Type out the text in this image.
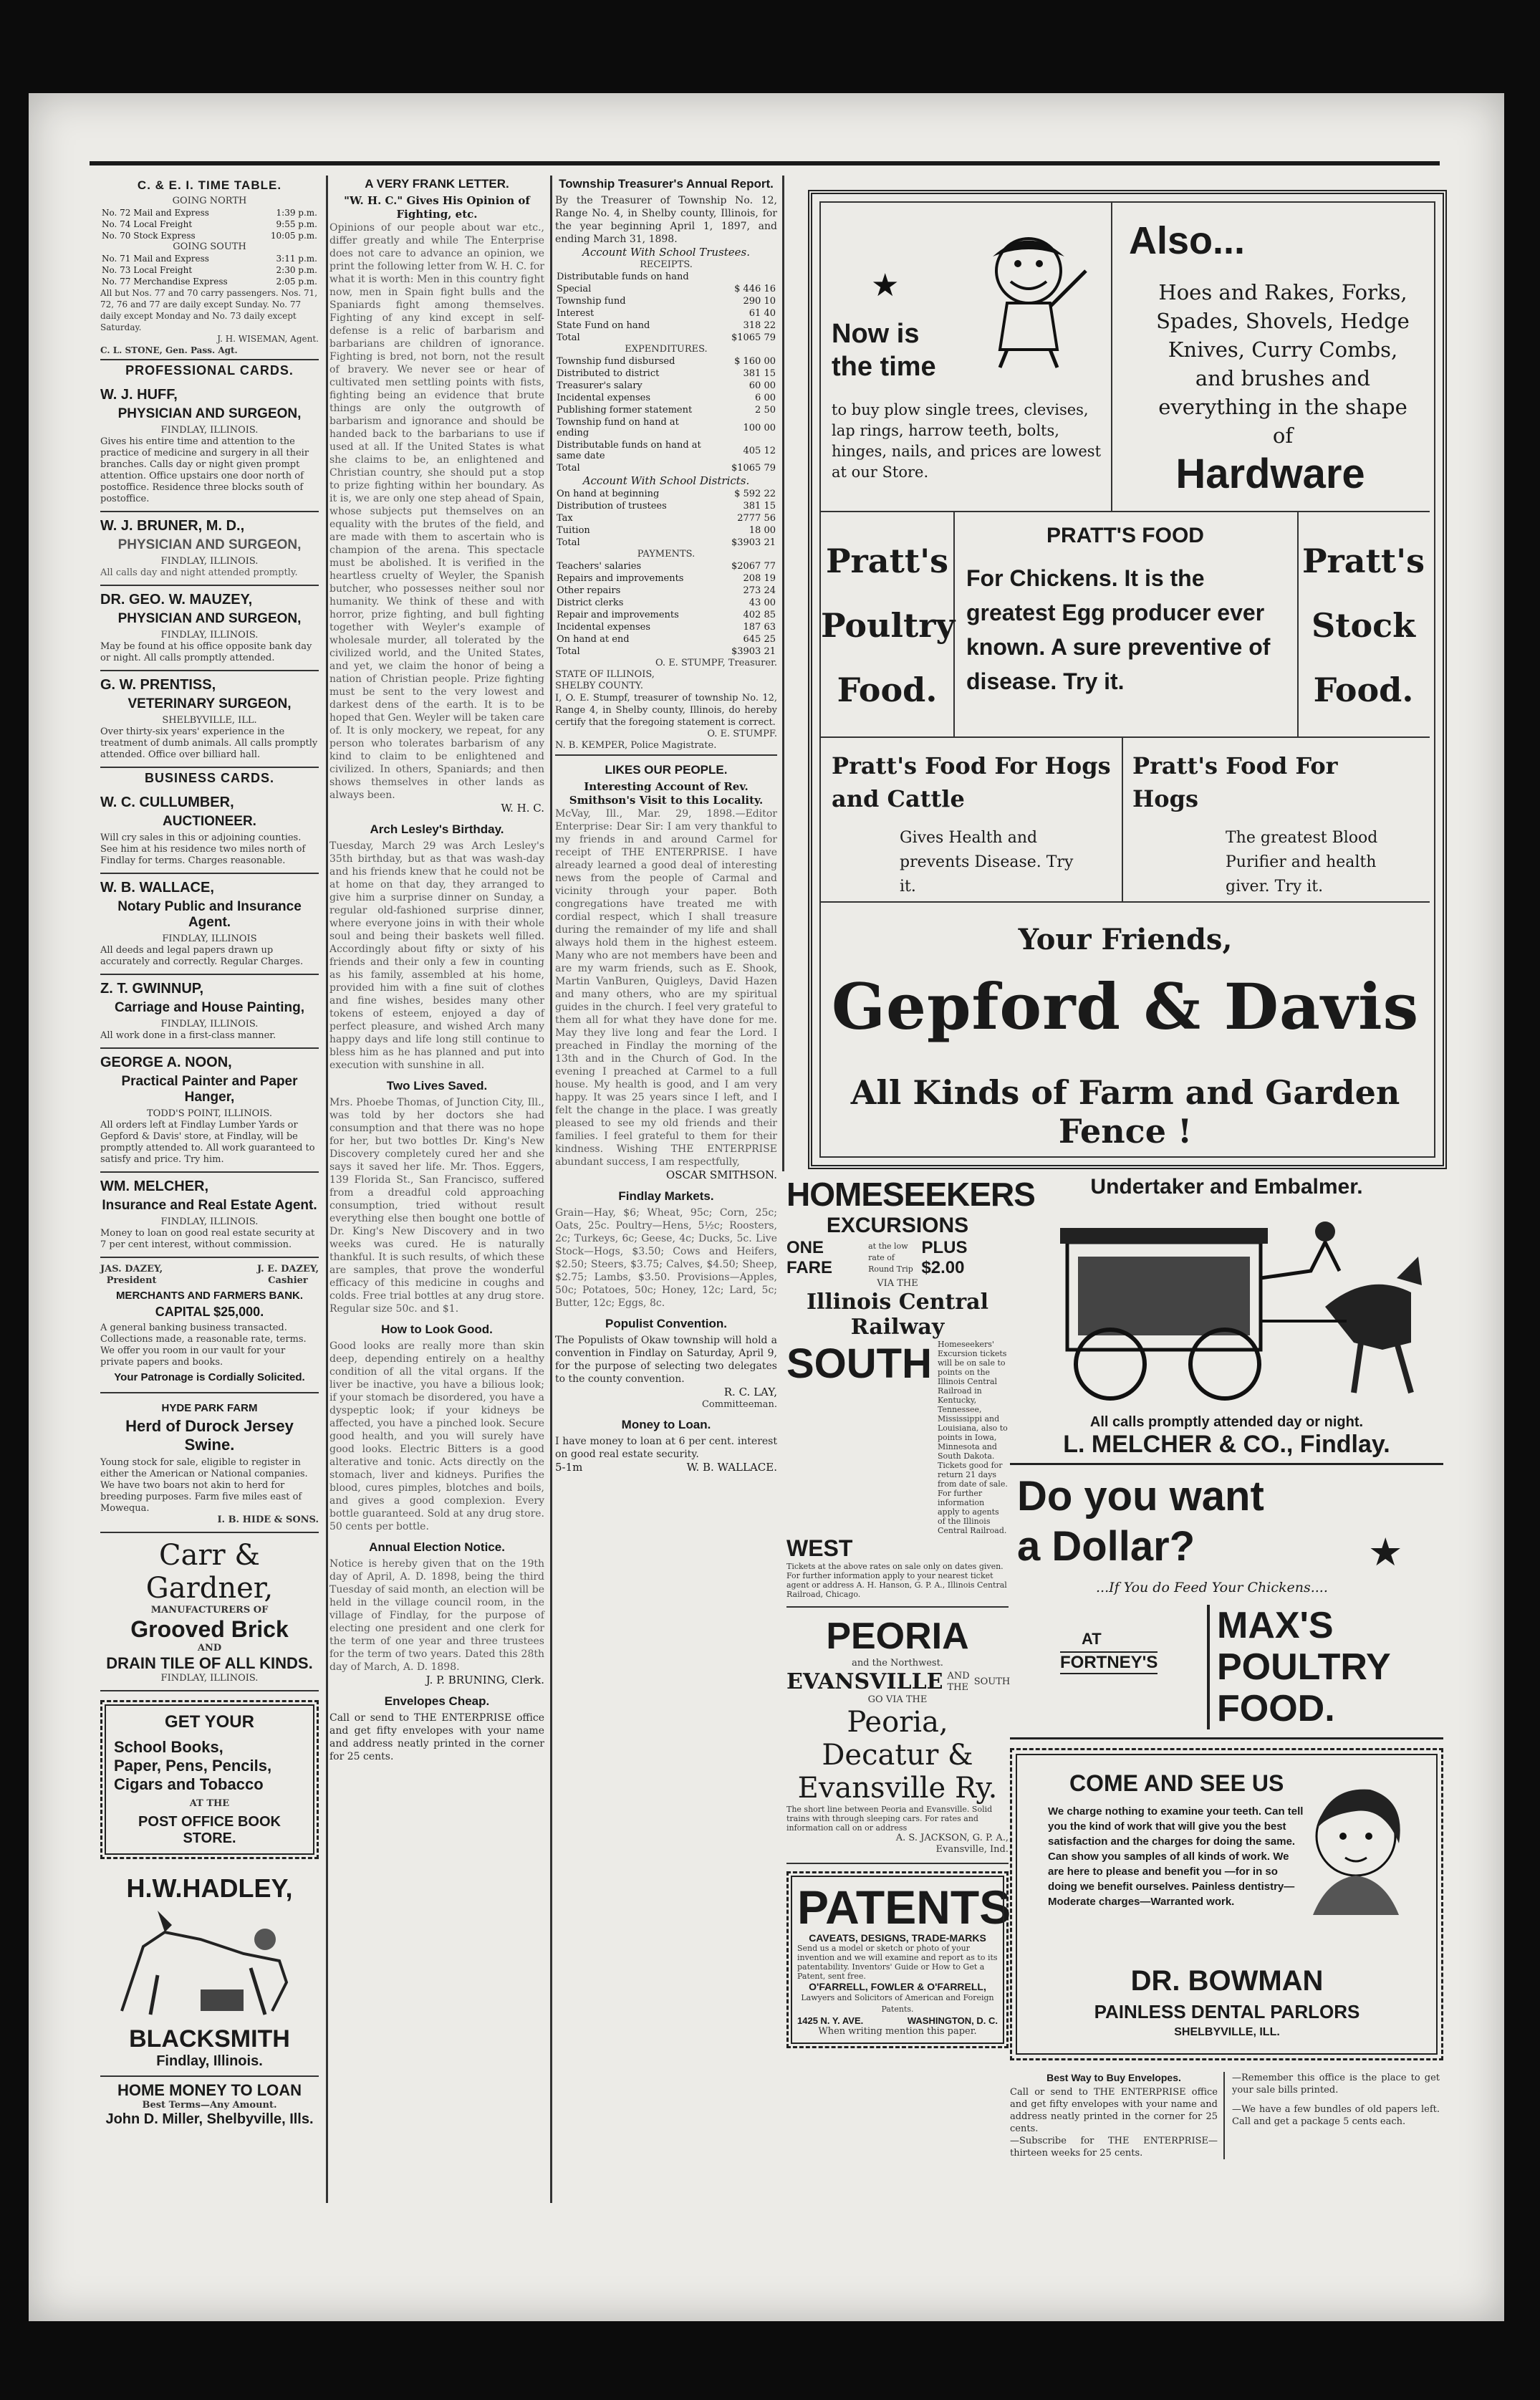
C. & E. I. TIME TABLE.
GOING NORTH
No. 72 Mail and Express	1:39 p.m.
No. 74 Local Freight	9:55 p.m.
No. 70 Stock Express	10:05 p.m.
GOING SOUTH
No. 71 Mail and Express	3:11 p.m.
No. 73 Local Freight	2:30 p.m.
No. 77 Merchandise Express	2:05 p.m.
All but Nos. 77 and 70 carry passengers. Nos. 71, 72, 76 and 77 are daily except Sunday. No. 77 daily except Monday and No. 73 daily except Saturday.
J. H. WISEMAN, Agent.
C. L. STONE, Gen. Pass. Agt.
PROFESSIONAL CARDS.
W. J. HUFF,
PHYSICIAN AND SURGEON,
FINDLAY, ILLINOIS.
Gives his entire time and attention to the practice of medicine and surgery in all their branches. Calls day or night given prompt attention. Office upstairs one door north of postoffice. Residence three blocks south of postoffice.
W. J. BRUNER, M. D.,
PHYSICIAN AND SURGEON,
FINDLAY, ILLINOIS.
All calls day and night attended promptly.
DR. GEO. W. MAUZEY,
PHYSICIAN AND SURGEON,
FINDLAY, ILLINOIS.
May be found at his office opposite bank day or night. All calls promptly attended.
G. W. PRENTISS,
VETERINARY SURGEON,
SHELBYVILLE, ILL.
Over thirty-six years' experience in the treatment of dumb animals. All calls promptly attended. Office over billiard hall.
BUSINESS CARDS.
W. C. CULLUMBER,
AUCTIONEER.
Will cry sales in this or adjoining counties. See him at his residence two miles north of Findlay for terms. Charges reasonable.
W. B. WALLACE,
Notary Public and Insurance Agent.
FINDLAY, ILLINOIS
All deeds and legal papers drawn up accurately and correctly. Regular Charges.
Z. T. GWINNUP,
Carriage and House Painting,
FINDLAY, ILLINOIS.
All work done in a first-class manner.
GEORGE A. NOON,
Practical Painter and Paper Hanger,
TODD'S POINT, ILLINOIS.
All orders left at Findlay Lumber Yards or Gepford & Davis' store, at Findlay, will be promptly attended to. All work guaranteed to satisfy and price. Try him.
WM. MELCHER,
Insurance and Real Estate Agent.
FINDLAY, ILLINOIS.
Money to loan on good real estate security at 7 per cent interest, without commission.
JAS. DAZEY,
President
J. E. DAZEY,
Cashier
MERCHANTS AND FARMERS BANK.
CAPITAL $25,000.
A general banking business transacted. Collections made, a reasonable rate, terms. We offer you room in our vault for your private papers and books.
Your Patronage is Cordially Solicited.
HYDE PARK FARM
Herd of Durock Jersey Swine.
Young stock for sale, eligible to register in either the American or National companies. We have two boars not akin to herd for breeding purposes. Farm five miles east of Mowequa.
I. B. HIDE & SONS.
Carr & Gardner,
MANUFACTURERS OF
Grooved Brick
AND
DRAIN TILE OF ALL KINDS.
FINDLAY, ILLINOIS.
GET YOUR
School Books,
Paper, Pens, Pencils,
Cigars and Tobacco
AT THE
POST OFFICE BOOK STORE.
H.W.HADLEY,
BLACKSMITH
Findlay, Illinois.
HOME MONEY TO LOAN
Best Terms—Any Amount.
John D. Miller, Shelbyville, Ills.
A VERY FRANK LETTER.
"W. H. C." Gives His Opinion of Fighting, etc.
Opinions of our people about war etc., differ greatly and while The Enterprise does not care to advance an opinion, we print the following letter from W. H. C. for what it is worth: Men in this country fight now, men in Spain fight bulls and the Spaniards fight among themselves. Fighting of any kind except in self-defense is a relic of barbarism and barbarians are children of ignorance. Fighting is bred, not born, not the result of bravery. We never see or hear of cultivated men settling points with fists, fighting being an evidence that brute things are only the outgrowth of barbarism and ignorance and should be handed back to the barbarians to use if used at all. If the United States is what she claims to be, an enlightened and Christian country, she should put a stop to prize fighting within her boundary. As it is, we are only one step ahead of Spain, whose subjects put themselves on an equality with the brutes of the field, and are made with them to ascertain who is champion of the arena. This spectacle must be abolished. It is verified in the heartless cruelty of Weyler, the Spanish butcher, who possesses neither soul nor humanity. We think of these and with horror, prize fighting, and bull fighting together with Weyler's example of wholesale murder, all tolerated by the civilized world, and the United States, and yet, we claim the honor of being a nation of Christian people. Prize fighting must be sent to the very lowest and darkest dens of the earth. It is to be hoped that Gen. Weyler will be taken care of. It is only mockery, we repeat, for any person who tolerates barbarism of any kind to claim to be enlightened and civilized. In others, Spaniards; and then shows themselves in other lands as always been.
W. H. C.
Arch Lesley's Birthday.
Tuesday, March 29 was Arch Lesley's 35th birthday, but as that was wash-day and his friends knew that he could not be at home on that day, they arranged to give him a surprise dinner on Sunday, a regular old-fashioned surprise dinner, where everyone joins in with their whole soul and being their baskets well filled. Accordingly about fifty or sixty of his friends and their only a few in counting as his family, assembled at his home, provided him with a fine suit of clothes and fine wishes, besides many other tokens of esteem, enjoyed a day of perfect pleasure, and wished Arch many happy days and life long still continue to bless him as he has planned and put into execution with sunshine in all.
Two Lives Saved.
Mrs. Phoebe Thomas, of Junction City, Ill., was told by her doctors she had consumption and that there was no hope for her, but two bottles Dr. King's New Discovery completely cured her and she says it saved her life. Mr. Thos. Eggers, 139 Florida St., San Francisco, suffered from a dreadful cold approaching consumption, tried without result everything else then bought one bottle of Dr. King's New Discovery and in two weeks was cured. He is naturally thankful. It is such results, of which these are samples, that prove the wonderful efficacy of this medicine in coughs and colds. Free trial bottles at any drug store. Regular size 50c. and $1.
How to Look Good.
Good looks are really more than skin deep, depending entirely on a healthy condition of all the vital organs. If the liver be inactive, you have a bilious look; if your stomach be disordered, you have a dyspeptic look; if your kidneys be affected, you have a pinched look. Secure good health, and you will surely have good looks. Electric Bitters is a good alterative and tonic. Acts directly on the stomach, liver and kidneys. Purifies the blood, cures pimples, blotches and boils, and gives a good complexion. Every bottle guaranteed. Sold at any drug store. 50 cents per bottle.
Annual Election Notice.
Notice is hereby given that on the 19th day of April, A. D. 1898, being the third Tuesday of said month, an election will be held in the village council room, in the village of Findlay, for the purpose of electing one president and one clerk for the term of one year and three trustees for the term of two years. Dated this 28th day of March, A. D. 1898.
J. P. BRUNING, Clerk.
Envelopes Cheap.
Call or send to THE ENTERPRISE office and get fifty envelopes with your name and address neatly printed in the corner for 25 cents.
Township Treasurer's Annual Report.
By the Treasurer of Township No. 12, Range No. 4, in Shelby county, Illinois, for the year beginning April 1, 1897, and ending March 31, 1898.
Account With School Trustees.
RECEIPTS.
Distributable funds on hand	
Special	$ 446 16
Township fund	290 10
Interest	61 40
State Fund on hand	318 22
Total	$1065 79
EXPENDITURES.
Township fund disbursed	$ 160 00
Distributed to district	381 15
Treasurer's salary	60 00
Incidental expenses	6 00
Publishing former statement	2 50
Township fund on hand at ending	100 00
Distributable funds on hand at same date	405 12
Total	$1065 79
Account With School Districts.
On hand at beginning	$ 592 22
Distribution of trustees	381 15
Tax	2777 56
Tuition	18 00
Total	$3903 21
PAYMENTS.
Teachers' salaries	$2067 77
Repairs and improvements	208 19
Other repairs	273 24
District clerks	43 00
Repair and improvements	402 85
Incidental expenses	187 63
On hand at end	645 25
Total	$3903 21
O. E. STUMPF, Treasurer.
STATE OF ILLINOIS,
SHELBY COUNTY.
I, O. E. Stumpf, treasurer of township No. 12, Range 4, in Shelby county, Illinois, do hereby certify that the foregoing statement is correct.
O. E. STUMPF.
N. B. KEMPER, Police Magistrate.
LIKES OUR PEOPLE.
Interesting Account of Rev. Smithson's Visit to this Locality.
McVay, Ill., Mar. 29, 1898.—Editor Enterprise: Dear Sir: I am very thankful to my friends in and around Carmel for receipt of THE ENTERPRISE. I have already learned a good deal of interesting news from the people of Carmal and vicinity through your paper. Both congregations have treated me with cordial respect, which I shall treasure during the remainder of my life and shall always hold them in the highest esteem. Many who are not members have been and are my warm friends, such as E. Shook, Martin VanBuren, Quigleys, David Hazen and many others, who are my spiritual guides in the church. I feel very grateful to them all for what they have done for me. May they live long and fear the Lord. I preached in Findlay the morning of the 13th and in the Church of God. In the evening I preached at Carmel to a full house. My health is good, and I am very happy. It was 25 years since I left, and I felt the change in the place. I was greatly pleased to see my old friends and their families. I feel grateful to them for their kindness. Wishing THE ENTERPRISE abundant success, I am respectfully,
OSCAR SMITHSON.
Findlay Markets.
Grain—Hay, $6; Wheat, 95c; Corn, 25c; Oats, 25c. Poultry—Hens, 5½c; Roosters, 2c; Turkeys, 6c; Geese, 4c; Ducks, 5c. Live Stock—Hogs, $3.50; Cows and Heifers, $2.50; Steers, $3.75; Calves, $4.50; Sheep, $2.75; Lambs, $3.50. Provisions—Apples, 50c; Potatoes, 50c; Honey, 12c; Lard, 5c; Butter, 12c; Eggs, 8c.
Populist Convention.
The Populists of Okaw township will hold a convention in Findlay on Saturday, April 9, for the purpose of selecting two delegates to the county convention.
R. C. LAY,
Committeeman.
Money to Loan.
I have money to loan at 6 per cent. interest on good real estate security.
5-1m	W. B. WALLACE.
★
Now is
the time
to buy plow single trees, clevises, lap rings, harrow teeth, bolts, hinges, nails, and prices are lowest at our Store.
Also...
Hoes and Rakes, Forks, Spades, Shovels, Hedge Knives, Curry Combs, and brushes and everything in the shape of
Hardware
Pratt's
Poultry
Food.
PRATT'S FOOD
For Chickens. It is the greatest Egg producer ever known. A sure preventive of disease. Try it.
Pratt's
Stock
Food.
Pratt's Food For Hogs and Cattle
Gives Health and prevents Disease. Try it.
Pratt's Food For Hogs
The greatest Blood Purifier and health giver. Try it.
Your Friends,
Gepford & Davis
All Kinds of Farm and Garden Fence !
HOMESEEKERS
EXCURSIONS
ONE FARE
at the low rate of Round Trip
PLUS $2.00
VIA THE
Illinois Central Railway
SOUTH Homeseekers' Excursion tickets will be on sale to points on the Illinois Central Railroad in Kentucky, Tennessee, Mississippi and Louisiana, also to points in Iowa, Minnesota and South Dakota. Tickets good for return 21 days from date of sale. For further information apply to agents of the Illinois Central Railroad.
WEST
Tickets at the above rates on sale only on dates given. For further information apply to your nearest ticket agent or address A. H. Hanson, G. P. A., Illinois Central Railroad, Chicago.
PEORIA
and the Northwest.
EVANSVILLE AND THE
SOUTH
GO VIA THE
Peoria, Decatur & Evansville Ry.
The short line between Peoria and Evansville. Solid trains with through sleeping cars. For rates and information call on or address
A. S. JACKSON, G. P. A.,
Evansville, Ind.
PATENTS
CAVEATS, DESIGNS, TRADE-MARKS
Send us a model or sketch or photo of your invention and we will examine and report as to its patentability. Inventors' Guide or How to Get a Patent, sent free.
O'FARRELL, FOWLER & O'FARRELL,
Lawyers and Solicitors of American and Foreign Patents.
1425 N. Y. AVE.	WASHINGTON, D. C.
When writing mention this paper.
Undertaker and Embalmer.
All calls promptly attended day or night.
L. MELCHER & CO., Findlay.
Do you want
a Dollar?	★
...If You do Feed Your Chickens....
AT
FORTNEY'S
MAX'S
POULTRY
FOOD.
COME AND SEE US
We charge nothing to examine your teeth. Can tell you the kind of work that will give you the best satisfaction and the charges for doing the same. Can show you samples of all kinds of work. We are here to please and benefit you —for in so doing we benefit ourselves. Painless dentistry—Moderate charges—Warranted work.
DR. BOWMAN
PAINLESS DENTAL PARLORS
SHELBYVILLE, ILL.
Best Way to Buy Envelopes.
Call or send to THE ENTERPRISE office and get fifty envelopes with your name and address neatly printed in the corner for 25 cents.
—Subscribe for THE ENTERPRISE—thirteen weeks for 25 cents.
—Remember this office is the place to get your sale bills printed.
—We have a few bundles of old papers left. Call and get a package 5 cents each.
